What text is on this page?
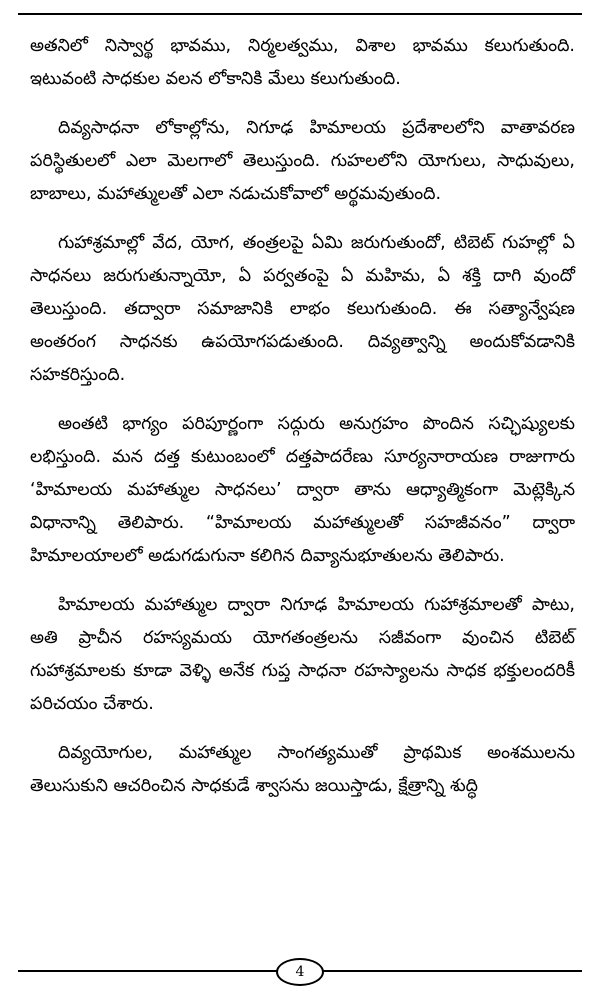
అతనిలో నిస్వార్థ భావము, నిర్మలత్వము, విశాల భావము కలుగుతుంది. ఇటువంటి సాధకుల వలన లోకానికి మేలు కలుగుతుంది.

దివ్యసాధనా లోకాల్లోను, నిగూఢ హిమాలయ ప్రదేశాలలోని వాతావరణ పరిస్థితులలో ఎలా మెలగాలో తెలుస్తుంది. గుహలలోని యోగులు, సాధువులు, బాబాలు, మహాత్ములతో ఎలా నడుచుకోవాలో అర్థమవుతుంది.

గుహాశ్రమాల్లో వేద, యోగ, తంత్రలపై ఏమి జరుగుతుందో, టిబెట్ గుహల్లో ఏ సాధనలు జరుగుతున్నాయో, ఏ పర్వతంపై ఏ మహిమ, ఏ శక్తి దాగి వుందో తెలుస్తుంది. తద్వారా సమాజానికి లాభం కలుగుతుంది. ఈ సత్యాన్వేషణ అంతరంగ సాధనకు ఉపయోగపడుతుంది. దివ్యత్వాన్ని అందుకోవడానికి సహకరిస్తుంది.

అంతటి భాగ్యం పరిపూర్ణంగా సద్గురు అనుగ్రహం పొందిన సచ్ఛిష్యులకు లభిస్తుంది. మన దత్త కుటుంబంలో దత్తపాదరేణు సూర్యనారాయణ రాజుగారు ‘హిమాలయ మహాత్ముల సాధనలు’ ద్వారా తాను ఆధ్యాత్మికంగా మెట్లెక్కిన విధానాన్ని తెలిపారు. “హిమాలయ మహాత్ములతో సహజీవనం” ద్వారా హిమాలయాలలో అడుగడుగునా కలిగిన దివ్యానుభూతులను తెలిపారు.

హిమాలయ మహాత్ముల ద్వారా నిగూఢ హిమాలయ గుహాశ్రమాలతో పాటు, అతి ప్రాచీన రహస్యమయ యోగతంత్రలను సజీవంగా వుంచిన టిబెట్ గుహాశ్రమాలకు కూడా వెళ్ళి అనేక గుప్త సాధనా రహస్యాలను సాధక భక్తులందరికీ పరిచయం చేశారు.

దివ్యయోగుల, మహాత్ముల సాంగత్యముతో ప్రాథమిక అంశములను తెలుసుకుని ఆచరించిన సాధకుడే శ్వాసను జయిస్తాడు, క్షేత్రాన్ని శుద్ధి

4
